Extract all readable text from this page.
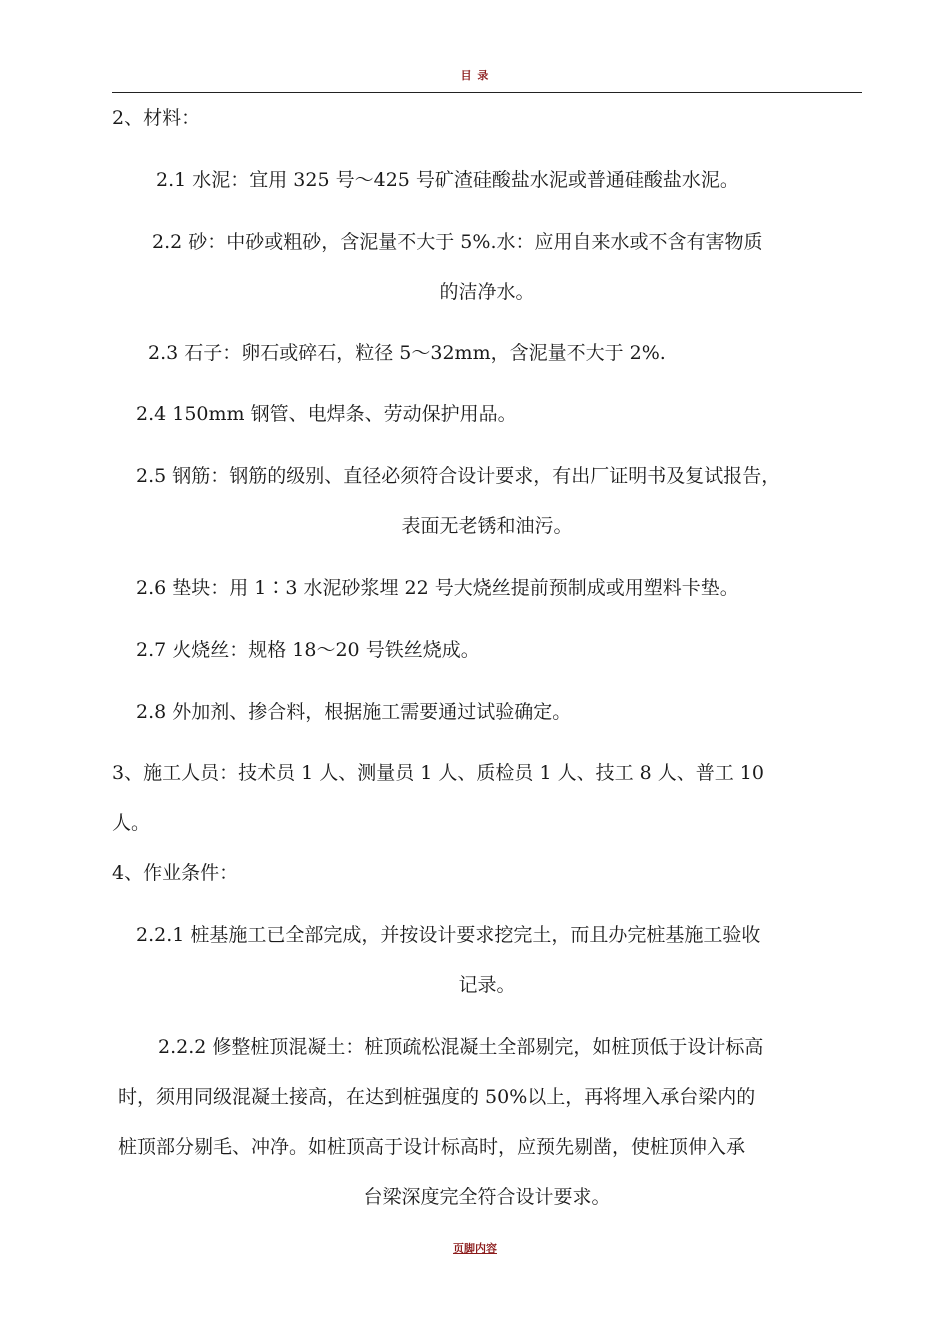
目 录
2、材料：
2.1 水泥：宜用 325 号～425 号矿渣硅酸盐水泥或普通硅酸盐水泥。
2.2 砂：中砂或粗砂，含泥量不大于 5%.水：应用自来水或不含有害物质
的洁净水。
2.3 石子：卵石或碎石，粒径 5～32mm，含泥量不大于 2%.
2.4 150mm 钢管、电焊条、劳动保护用品。
2.5 钢筋：钢筋的级别、直径必须符合设计要求，有出厂证明书及复试报告，
表面无老锈和油污。
2.6 垫块：用 1∶3 水泥砂浆埋 22 号大烧丝提前预制成或用塑料卡垫。
2.7 火烧丝：规格 18～20 号铁丝烧成。
2.8 外加剂、掺合料，根据施工需要通过试验确定。
3、施工人员：技术员 1 人、测量员 1 人、质检员 1 人、技工 8 人、普工 10
人。
4、作业条件：
2.2.1 桩基施工已全部完成，并按设计要求挖完土，而且办完桩基施工验收
记录。
2.2.2 修整桩顶混凝土：桩顶疏松混凝土全部剔完，如桩顶低于设计标高
时，须用同级混凝土接高，在达到桩强度的 50%以上，再将埋入承台梁内的
桩顶部分剔毛、冲净。如桩顶高于设计标高时，应预先剔凿，使桩顶伸入承
台梁深度完全符合设计要求。
页脚内容
